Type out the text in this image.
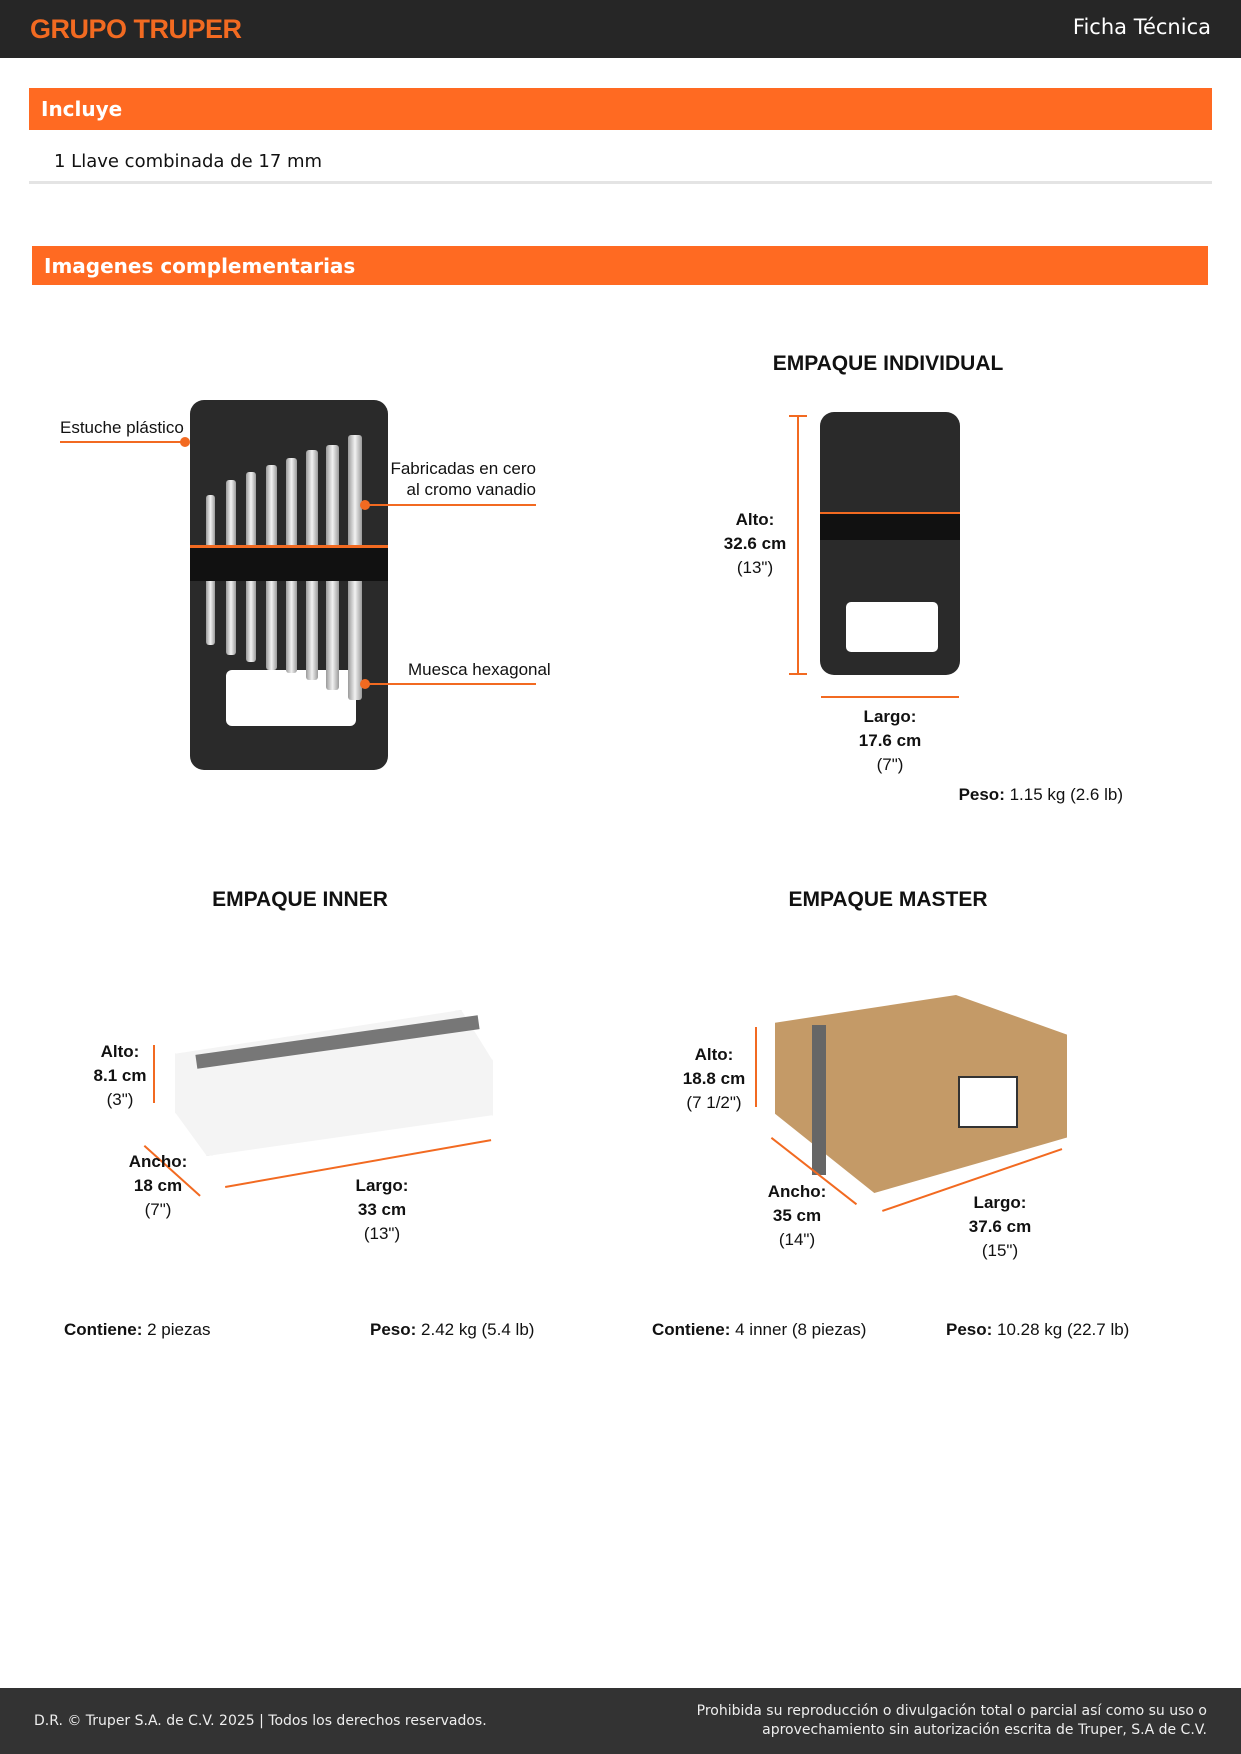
GRUPO TRUPER	Ficha Técnica
Incluye
1 Llave combinada de 17 mm
Imagenes complementarias
Estuche plástico
Fabricadas en cero
al cromo vanadio
Muesca hexagonal
EMPAQUE INDIVIDUAL
Alto:
32.6 cm
(13")
Largo:
17.6 cm
(7")
Peso: 1.15 kg (2.6 lb)
EMPAQUE INNER
Alto:
8.1 cm
(3")
Ancho:
18 cm
(7")
Largo:
33 cm
(13")
Contiene: 2 piezas	Peso: 2.42 kg (5.4 lb)
EMPAQUE MASTER
Alto:
18.8 cm
(7 1/2")
Ancho:
35 cm
(14")
Largo:
37.6 cm
(15")
Contiene: 4 inner (8 piezas)	Peso: 10.28 kg (22.7 lb)
D.R. © Truper S.A. de C.V. 2025 | Todos los derechos reservados.
Prohibida su reproducción o divulgación total o parcial así como su uso o
aprovechamiento sin autorización escrita de Truper, S.A de C.V.
